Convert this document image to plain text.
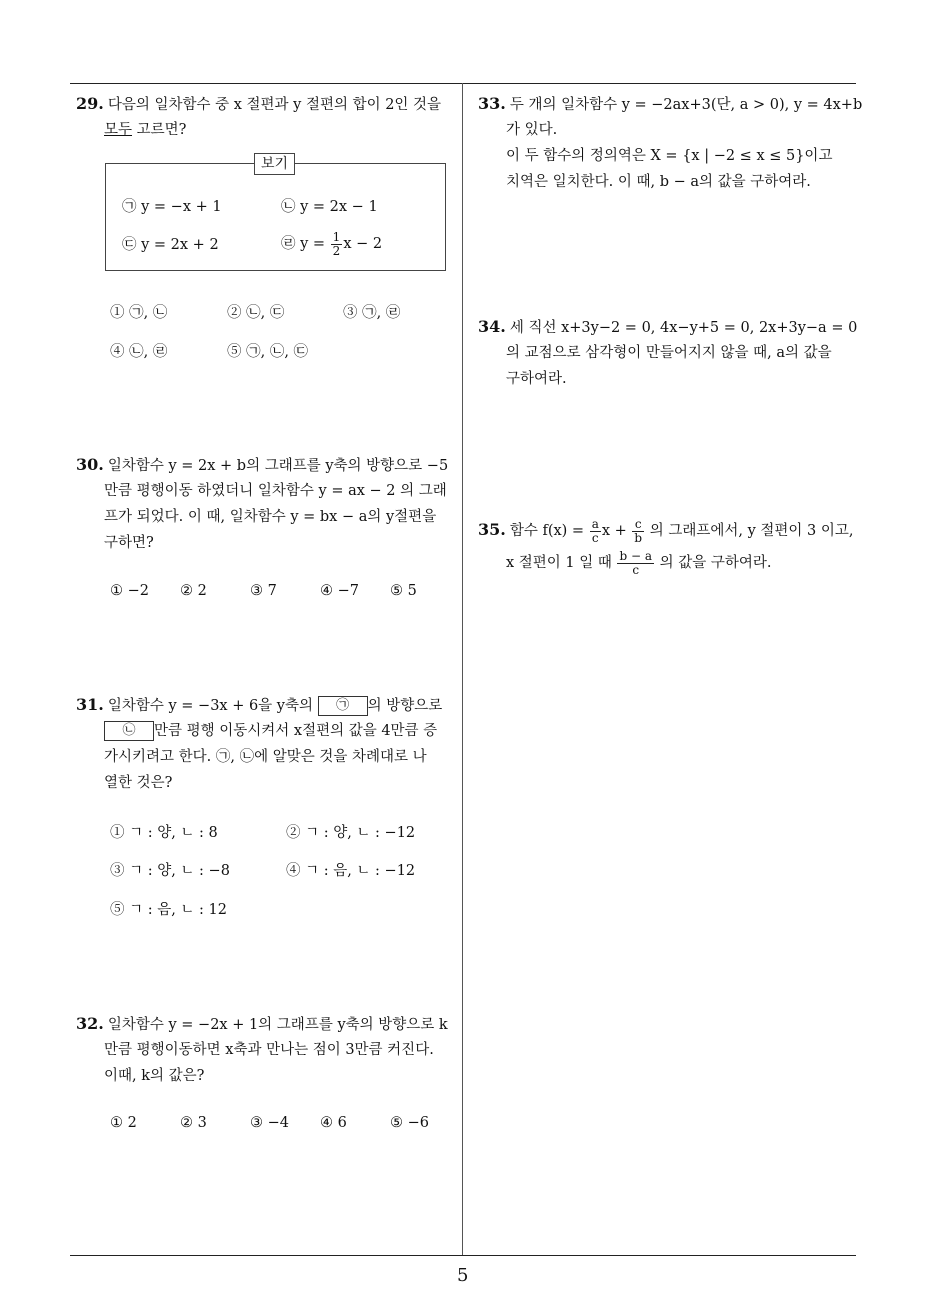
29. 다음의 일차함수 중 x 절편과 y 절편의 합이 2인 것을
모두 고르면?
보기
㉠ y = −x + 1	㉡ y = 2x − 1
㉢ y = 2x + 2	㉣ $y = \frac{1}{2}$ x − 2
① ㉠, ㉡	② ㉡, ㉢	③ ㉠, ㉣
④ ㉡, ㉣	⑤ ㉠, ㉡, ㉢
30. 일차함수 y = 2x + b의 그래프를 y축의 방향으로 −5
만큼 평행이동 하였더니 일차함수 y = ax − 2 의 그래
프가 되었다. 이 때, 일차함수 y = bx − a의 y절편을
구하면?
① −2 ② 2	③ 7	④ −7 ⑤ 5
31. 일차함수 y = −3x + 6을 y축의 ㉠ 의 방향으로
㉡ 만큼 평행 이동시켜서 x절편의 값을 4만큼 증
가시키려고 한다. ㉠, ㉡에 알맞은 것을 차례대로 나
열한 것은?
① ㄱ : 양, ㄴ : 8	② ㄱ : 양, ㄴ : −12
③ ㄱ : 양, ㄴ : −8	④ ㄱ : 음, ㄴ : −12
⑤ ㄱ : 음, ㄴ : 12
32. 일차함수 y = −2x + 1의 그래프를 y축의 방향으로 k
만큼 평행이동하면 x축과 만나는 점이 3만큼 커진다.
이때, k의 값은?
① 2	② 3	③ −4 ④ 6	⑤ −6
33. 두 개의 일차함수 y = −2ax+3(단, a > 0), y = 4x+b
가 있다.
이 두 함수의 정의역은 X = {x | −2 ≤ x ≤ 5}이고
치역은 일치한다. 이 때, b − a의 값을 구하여라.
34. 세 직선 x+3y−2 = 0, 4x−y+5 = 0, 2x+3y−a = 0
의 교점으로 삼각형이 만들어지지 않을 때, a의 값을
구하여라.
35. 함수 $f(x) = \frac{a}{c}$ $x + \frac{c}{b}$ 의 그래프에서, y 절편이 3 이고,
x 절편이 1 일 때 $\frac{b - a}{c}$ 의 값을 구하여라.
5
